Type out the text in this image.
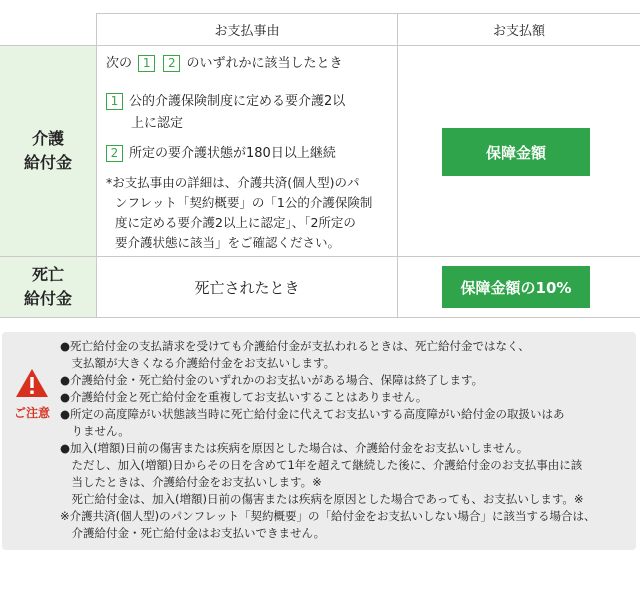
お支払事由	お支払額
介護
給付金
次の 1 2 のいずれかに該当したとき
1 公的介護保険制度に定める要介護2以
上に認定
2 所定の要介護状態が180日以上継続
*お支払事由の詳細は、介護共済(個人型)のパ
ンフレット「契約概要」の「1公的介護保険制
度に定める要介護2以上に認定」、「2所定の
要介護状態に該当」をご確認ください。
保障金額
死亡
給付金
死亡されたとき	保障金額の10%
ご注意
●死亡給付金の支払請求を受けても介護給付金が支払われるときは、死亡給付金ではなく、
　支払額が大きくなる介護給付金をお支払いします。
●介護給付金・死亡給付金のいずれかのお支払いがある場合、保障は終了します。
●介護給付金と死亡給付金を重複してお支払いすることはありません。
●所定の高度障がい状態該当時に死亡給付金に代えてお支払いする高度障がい給付金の取扱いはあ
　りません。
●加入(増額)日前の傷害または疾病を原因とした場合は、介護給付金をお支払いしません。
　ただし、加入(増額)日からその日を含めて1年を超えて継続した後に、介護給付金のお支払事由に該
　当したときは、介護給付金をお支払いします。※
　死亡給付金は、加入(増額)日前の傷害または疾病を原因とした場合であっても、お支払いします。※
※介護共済(個人型)のパンフレット「契約概要」の「給付金をお支払いしない場合」に該当する場合は、
　介護給付金・死亡給付金はお支払いできません。
